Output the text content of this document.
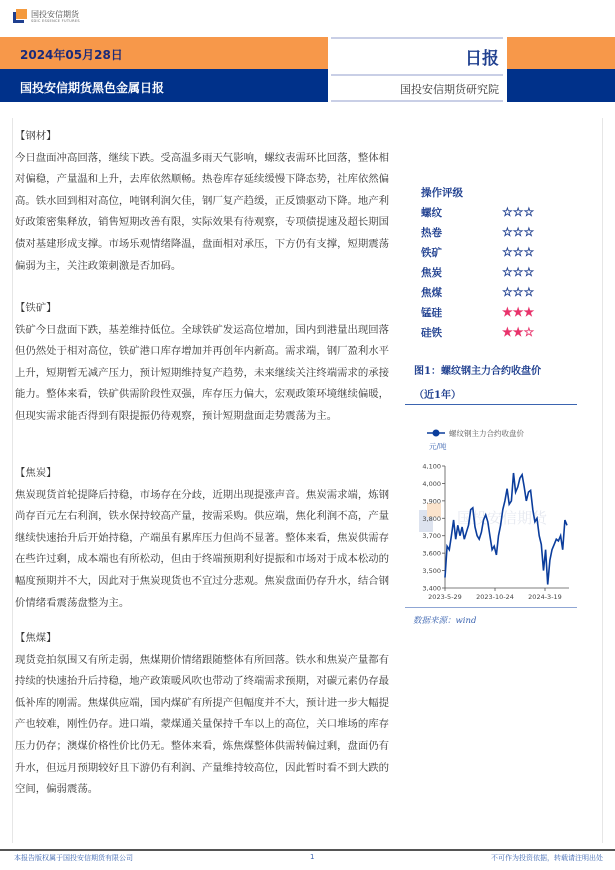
国投安信期货
SDIC ESSENCE FUTURES
2024年05月28日
国投安信期货黑色金属日报
日报
国投安信期货研究院
【钢材】
今日盘面冲高回落，继续下跌。受高温多雨天气影响，螺纹表需环比回落，整体相对偏稳，产量温和上升，去库依然顺畅。热卷库存延续缓慢下降态势，社库依然偏高。铁水回到相对高位，吨钢利润欠佳，钢厂复产趋缓，正反馈驱动下降。地产利好政策密集释放，销售短期改善有限，实际效果有待观察，专项债提速及超长期国债对基建形成支撑。市场乐观情绪降温，盘面相对承压，下方仍有支撑，短期震荡偏弱为主，关注政策刺激是否加码。
【铁矿】
铁矿今日盘面下跌，基差维持低位。全球铁矿发运高位增加，国内到港量出现回落但仍然处于相对高位，铁矿港口库存增加并再创年内新高。需求端，钢厂盈利水平上升，短期暂无减产压力，预计短期维持复产趋势，未来继续关注终端需求的承接能力。整体来看，铁矿供需阶段性双强，库存压力偏大，宏观政策环境继续偏暖，但现实需求能否得到有限提振仍待观察，预计短期盘面走势震荡为主。
【焦炭】
焦炭现货首轮提降后持稳，市场存在分歧，近期出现提涨声音。焦炭需求端，炼钢尚存百元左右利润，铁水保持较高产量，按需采购。供应端，焦化利润不高，产量继续快速抬升后开始持稳，产端虽有累库压力但尚不显著。整体来看，焦炭供需存在些许过剩，成本端也有所松动，但由于终端预期利好提振和市场对于成本松动的幅度预期并不大，因此对于焦炭现货也不宜过分悲观。焦炭盘面仍存升水，结合钢价情绪看震荡盘整为主。
【焦煤】
现货竞拍氛围又有所走弱，焦煤期价情绪跟随整体有所回落。铁水和焦炭产量都有持续的快速抬升后持稳，地产政策暖风吹也带动了终端需求预期，对碳元素仍存最低补库的刚需。焦煤供应端，国内煤矿有所提产但幅度并不大，预计进一步大幅提产也较难，刚性仍存。进口端，蒙煤通关量保持千车以上的高位，关口堆场的库存压力仍存；澳煤价格性价比仍无。整体来看，炼焦煤整体供需转偏过剩，盘面仍有升水，但远月预期较好且下游仍有利润、产量维持较高位，因此暂时看不到大跌的空间，偏弱震荡。
操作评级
螺纹	☆☆☆
热卷	☆☆☆
铁矿	☆☆☆
焦炭	☆☆☆
焦煤	☆☆☆
锰硅	★★★
硅铁	★★☆
图1：螺纹钢主力合约收盘价
（近1年）
国投安信期货
螺纹钢主力合约收盘价
元/吨
3,400
3,500
3,600
3,700
3,800
3,900
4,000
4,100
2023-5-29 2023-10-24 2024-3-19
数据来源：wind
本报告版权属于国投安信期货有限公司	1	不可作为投资依据，转载请注明出处
